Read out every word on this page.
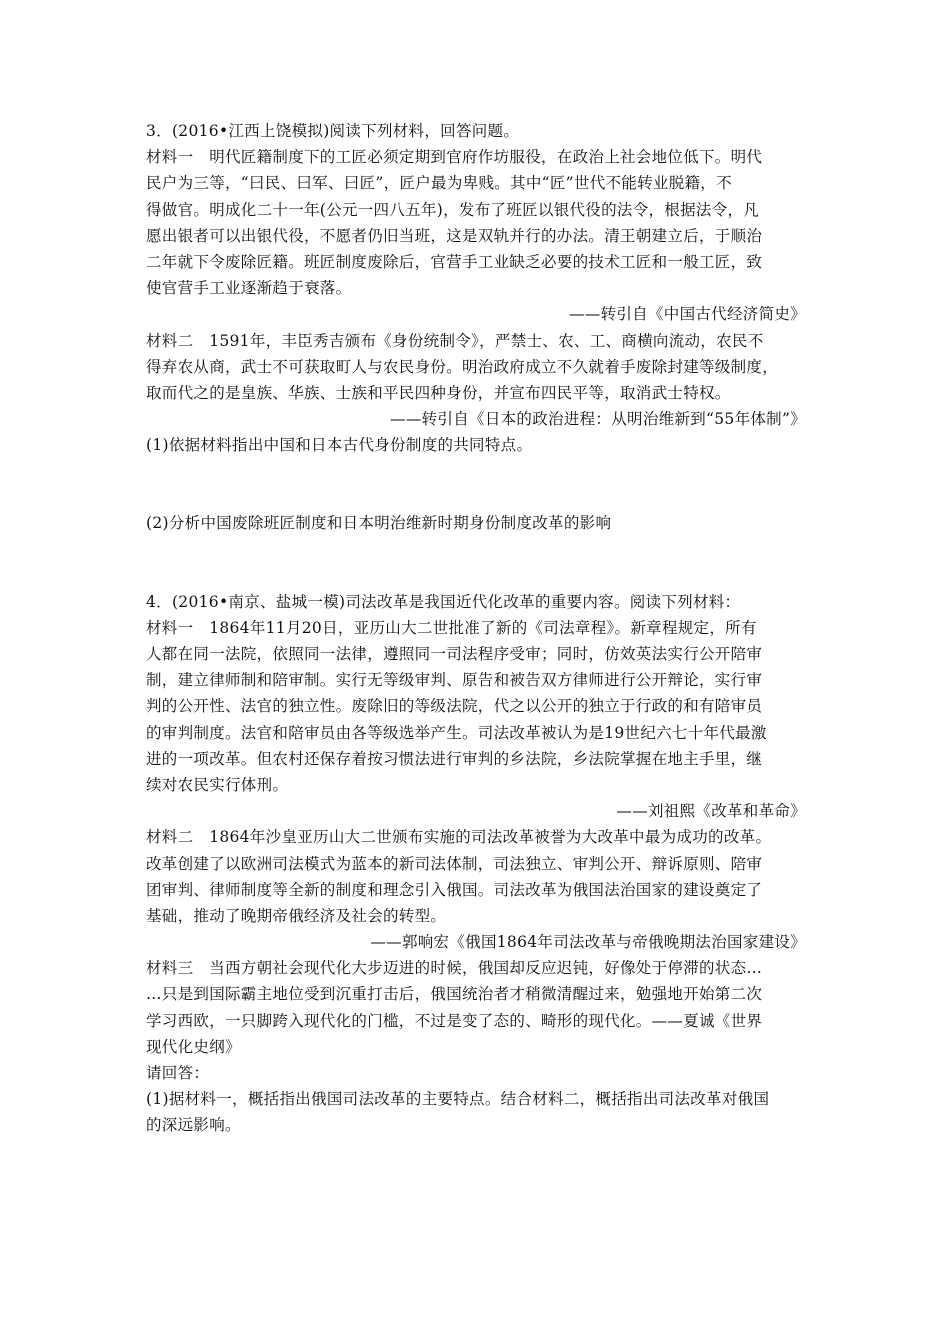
3．(2016•江西上饶模拟)阅读下列材料，回答问题。
材料一　明代匠籍制度下的工匠必须定期到官府作坊服役，在政治上社会地位低下。明代
民户为三等，“曰民、曰军、曰匠”，匠户最为卑贱。其中“匠”世代不能转业脱籍，不
得做官。明成化二十一年(公元一四八五年)，发布了班匠以银代役的法令，根据法令，凡
愿出银者可以出银代役，不愿者仍旧当班，这是双轨并行的办法。清王朝建立后，于顺治
二年就下令废除匠籍。班匠制度废除后，官营手工业缺乏必要的技术工匠和一般工匠，致
使官营手工业逐渐趋于衰落。
——转引自《中国古代经济简史》
材料二　1591年，丰臣秀吉颁布《身份统制令》，严禁士、农、工、商横向流动，农民不
得弃农从商，武士不可获取町人与农民身份。明治政府成立不久就着手废除封建等级制度，
取而代之的是皇族、华族、士族和平民四种身份，并宣布四民平等，取消武士特权。
——转引自《日本的政治进程：从明治维新到“55年体制”》
(1)依据材料指出中国和日本古代身份制度的共同特点。
(2)分析中国废除班匠制度和日本明治维新时期身份制度改革的影响
4．(2016•南京、盐城一模)司法改革是我国近代化改革的重要内容。阅读下列材料：
材料一　1864年11月20日，亚历山大二世批准了新的《司法章程》。新章程规定，所有
人都在同一法院，依照同一法律，遵照同一司法程序受审；同时，仿效英法实行公开陪审
制，建立律师制和陪审制。实行无等级审判、原告和被告双方律师进行公开辩论，实行审
判的公开性、法官的独立性。废除旧的等级法院，代之以公开的独立于行政的和有陪审员
的审判制度。法官和陪审员由各等级选举产生。司法改革被认为是19世纪六七十年代最激
进的一项改革。但农村还保存着按习惯法进行审判的乡法院，乡法院掌握在地主手里，继
续对农民实行体刑。
——刘祖熙《改革和革命》
材料二　1864年沙皇亚历山大二世颁布实施的司法改革被誉为大改革中最为成功的改革。
改革创建了以欧洲司法模式为蓝本的新司法体制，司法独立、审判公开、辩诉原则、陪审
团审判、律师制度等全新的制度和理念引入俄国。司法改革为俄国法治国家的建设奠定了
基础，推动了晚期帝俄经济及社会的转型。
——郭响宏《俄国1864年司法改革与帝俄晚期法治国家建设》
材料三　当西方朝社会现代化大步迈进的时候，俄国却反应迟钝，好像处于停滞的状态…
…只是到国际霸主地位受到沉重打击后，俄国统治者才稍微清醒过来，勉强地开始第二次
学习西欧，一只脚跨入现代化的门槛，不过是变了态的、畸形的现代化。——夏诚《世界
现代化史纲》
请回答：
(1)据材料一，概括指出俄国司法改革的主要特点。结合材料二，概括指出司法改革对俄国
的深远影响。
